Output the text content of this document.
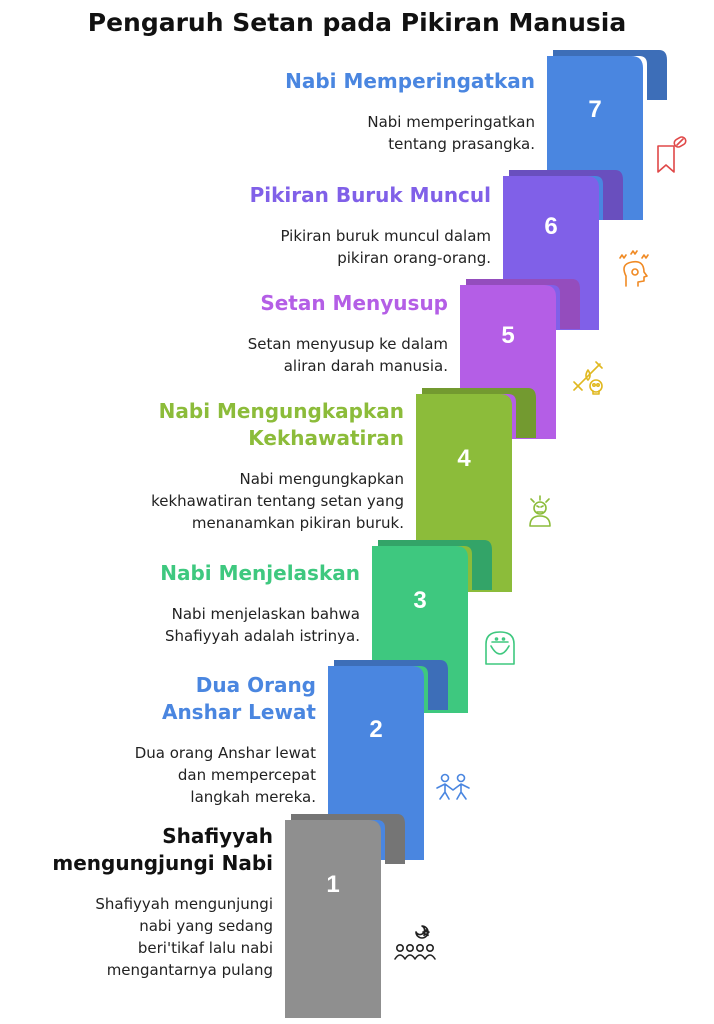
Pengaruh Setan pada Pikiran Manusia
1
Shafiyyah
mengungjungi Nabi
Shafiyyah mengunjungi
nabi yang sedang
beri'tikaf lalu nabi
mengantarnya pulang
2
Dua Orang
Anshar Lewat
Dua orang Anshar lewat
dan mempercepat
langkah mereka.
3
Nabi Menjelaskan
Nabi menjelaskan bahwa
Shafiyyah adalah istrinya.
4
Nabi Mengungkapkan
Kekhawatiran
Nabi mengungkapkan
kekhawatiran tentang setan yang
menanamkan pikiran buruk.
5
Setan Menyusup
Setan menyusup ke dalam
aliran darah manusia.
6
Pikiran Buruk Muncul
Pikiran buruk muncul dalam
pikiran orang-orang.
7
Nabi Memperingatkan
Nabi memperingatkan
tentang prasangka.
